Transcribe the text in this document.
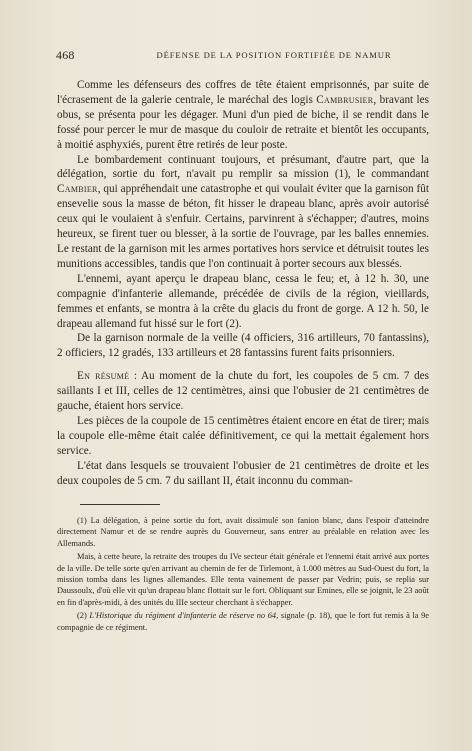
468	DÉFENSE DE LA POSITION FORTIFIÉE DE NAMUR

Comme les défenseurs des coffres de tête étaient emprisonnés, par suite de l'écrasement de la galerie centrale, le maréchal des logis Cambrusier, bravant les obus, se présenta pour les dégager. Muni d'un pied de biche, il se rendit dans le fossé pour percer le mur de masque du couloir de retraite et bientôt les occupants, à moitié asphyxiés, purent être retirés de leur poste.

Le bombardement continuant toujours, et présumant, d'autre part, que la délégation, sortie du fort, n'avait pu remplir sa mission (1), le commandant Cambier, qui appréhendait une catastrophe et qui voulait éviter que la garnison fût ensevelie sous la masse de béton, fit hisser le drapeau blanc, après avoir autorisé ceux qui le voulaient à s'enfuir. Certains, parvinrent à s'échapper; d'autres, moins heureux, se firent tuer ou blesser, à la sortie de l'ouvrage, par les balles ennemies. Le restant de la garnison mit les armes portatives hors service et détruisit toutes les munitions accessibles, tandis que l'on continuait à porter secours aux blessés.

L'ennemi, ayant aperçu le drapeau blanc, cessa le feu; et, à 12 h. 30, une compagnie d'infanterie allemande, précédée de civils de la région, vieillards, femmes et enfants, se montra à la crête du glacis du front de gorge. A 12 h. 50, le drapeau allemand fut hissé sur le fort (2).

De la garnison normale de la veille (4 officiers, 316 artilleurs, 70 fantassins), 2 officiers, 12 gradés, 133 artilleurs et 28 fantassins furent faits prisonniers.

En résumé : Au moment de la chute du fort, les coupoles de 5 cm. 7 des saillants I et III, celles de 12 centimètres, ainsi que l'obusier de 21 centimètres de gauche, étaient hors service.

Les pièces de la coupole de 15 centimètres étaient encore en état de tirer; mais la coupole elle-même était calée définitivement, ce qui la mettait également hors service.

L'état dans lesquels se trouvaient l'obusier de 21 centimètres de droite et les deux coupoles de 5 cm. 7 du saillant II, était inconnu du comman-

(1) La délégation, à peine sortie du fort, avait dissimulé son fanion blanc, dans l'espoir d'atteindre directement Namur et de se rendre auprès du Gouverneur, sans entrer au préalable en relation avec les Allemands.

Mais, à cette heure, la retraite des troupes du IVe secteur était générale et l'ennemi était arrivé aux portes de la ville. De telle sorte qu'en arrivant au chemin de fer de Tirlemont, à 1.000 mètres au Sud-Ouest du fort, la mission tomba dans les lignes allemandes. Elle tenta vainement de passer par Vedrin; puis, se replia sur Daussoulx, d'où elle vit qu'un drapeau blanc flottait sur le fort. Obliquant sur Emines, elle se joignit, le 23 août en fin d'après-midi, à des unités du IIIe secteur cherchant à s'échapper.

(2) L'Historique du régiment d'infanterie de réserve no 64, signale (p. 18), que le fort fut remis à la 9e compagnie de ce régiment.
